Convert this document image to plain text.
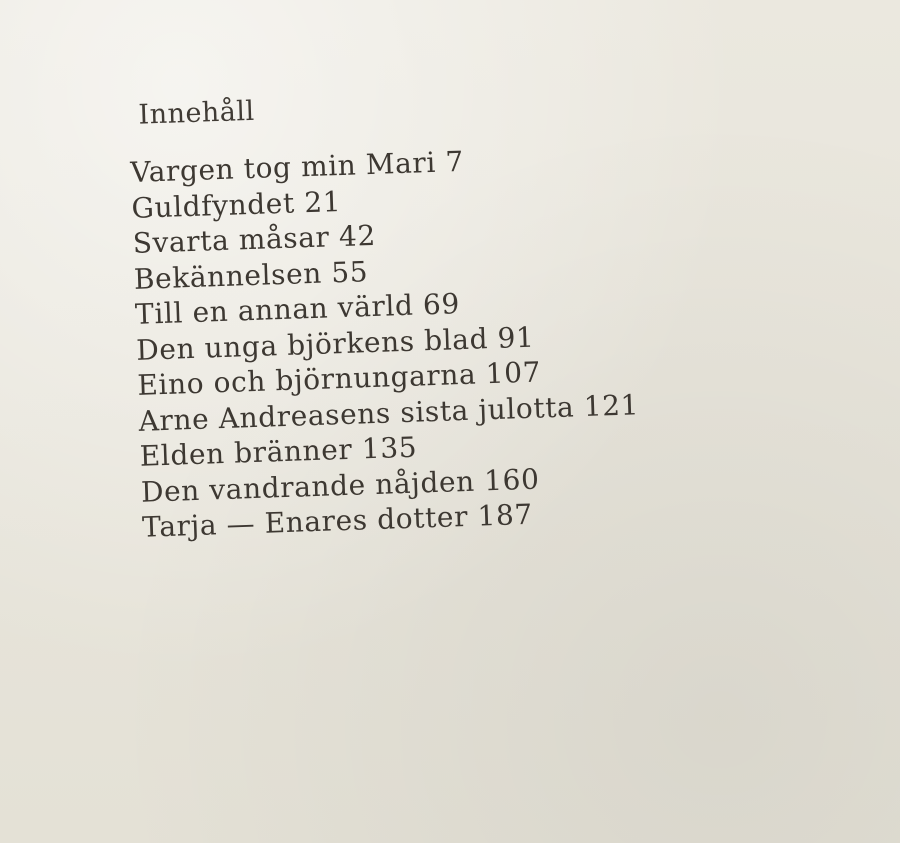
Innehåll
Vargen tog min Mari 7
Guldfyndet 21
Svarta måsar 42
Bekännelsen 55
Till en annan värld 69
Den unga björkens blad 91
Eino och björnungarna 107
Arne Andreasens sista julotta 121
Elden bränner 135
Den vandrande nåjden 160
Tarja — Enares dotter 187
